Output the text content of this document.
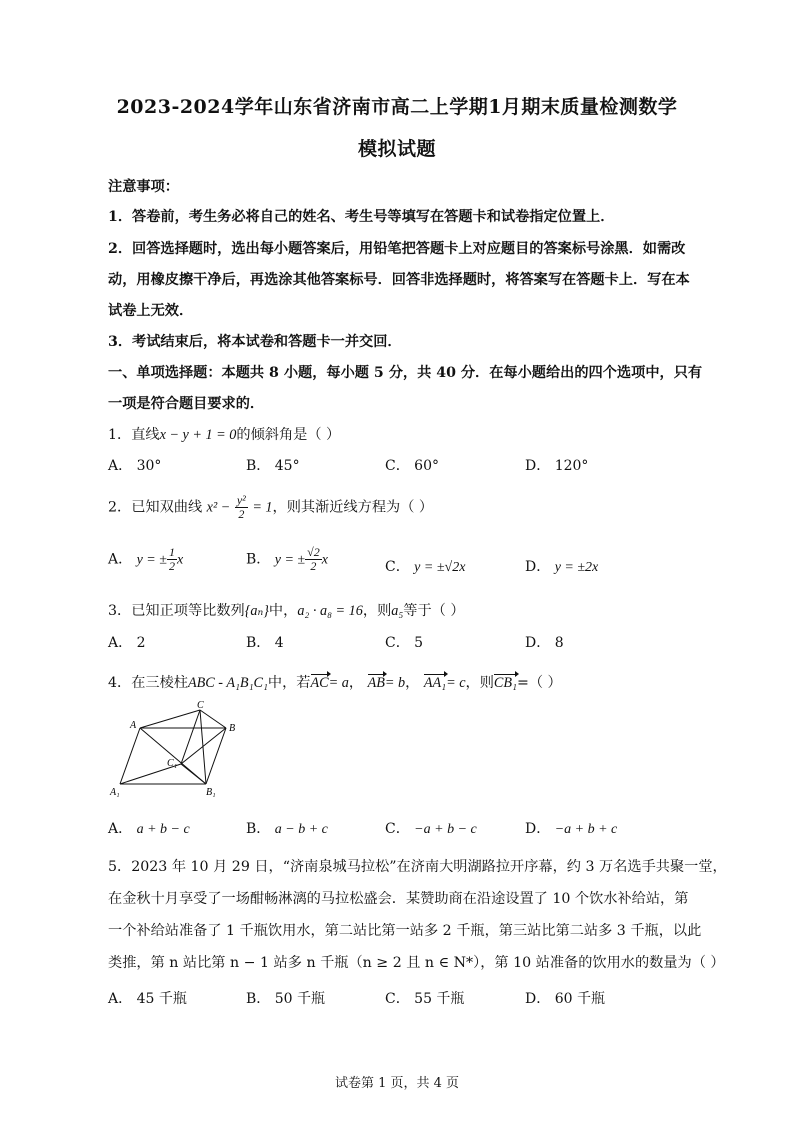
2023-2024学年山东省济南市高二上学期1月期末质量检测数学
模拟试题
注意事项：
1．答卷前，考生务必将自己的姓名、考生号等填写在答题卡和试卷指定位置上．
2．回答选择题时，选出每小题答案后，用铅笔把答题卡上对应题目的答案标号涂黑．如需改
动，用橡皮擦干净后，再选涂其他答案标号．回答非选择题时，将答案写在答题卡上．写在本
试卷上无效．
3．考试结束后，将本试卷和答题卡一并交回．
一、单项选择题：本题共 8 小题，每小题 5 分，共 40 分．在每小题给出的四个选项中，只有
一项是符合题目要求的．
1．直线x − y + 1 = 0的倾斜角是（ ）
A． 30°	B． 45°	C． 60°	D． 120°
2．已知双曲线 $x^2 - \frac{\text{y²}}{2} = 1$，则其渐近线方程为（ ）
A． y = ± $\frac{1}{2}$ x	B． y = ± $\frac{√2}{2}$ x	C． y = ±√2x	D． y = ±2x
3．已知正项等比数列{aₙ}中，a₂ · a₈ = 16，则a₅等于（ ）
A． 2	B． 4	C． 5	D． 8
4．在三棱柱ABC - A₁B₁C₁中，若AC= a， AB= b， AA₁= c，则CB₁=（ ）
A
C
B
C₁
A₁	B₁
A． a + b − c	B． a − b + c	C． −a + b − c	D． −a + b + c
5．2023 年 10 月 29 日，“济南泉城马拉松”在济南大明湖路拉开序幕，约 3 万名选手共聚一堂，
在金秋十月享受了一场酣畅淋漓的马拉松盛会．某赞助商在沿途设置了 10 个饮水补给站，第
一个补给站准备了 1 千瓶饮用水，第二站比第一站多 2 千瓶，第三站比第二站多 3 千瓶，以此
类推，第 n 站比第 n − 1 站多 n 千瓶（n ≥ 2 且 n ∈ N*），第 10 站准备的饮用水的数量为（ ）
A． 45 千瓶	B． 50 千瓶	C． 55 千瓶	D． 60 千瓶
试卷第 1 页，共 4 页
